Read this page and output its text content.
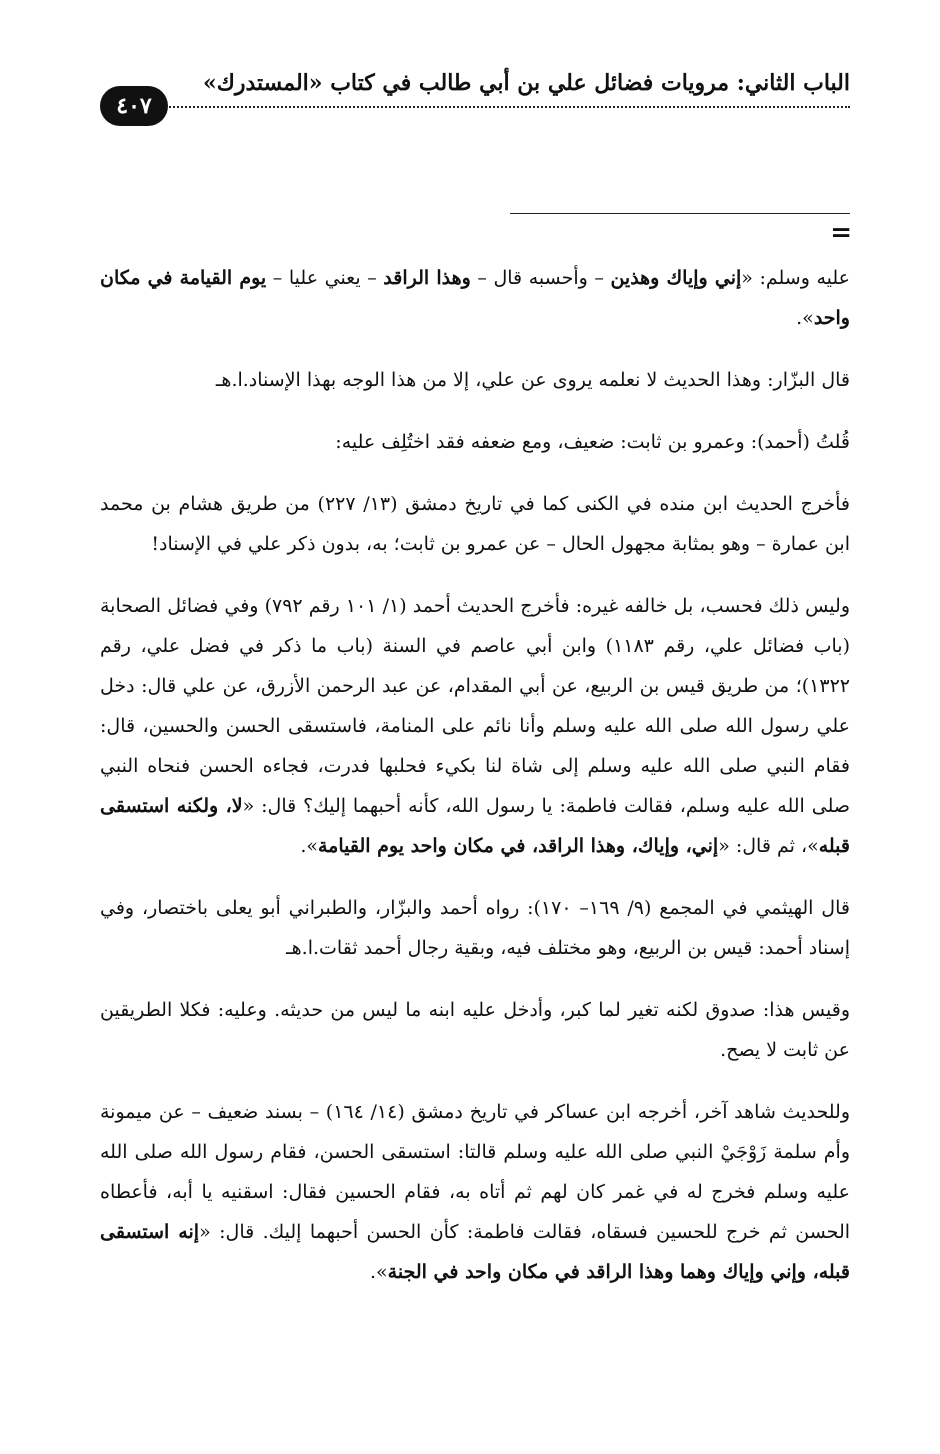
الباب الثاني: مرويات فضائل علي بن أبي طالب في كتاب «المستدرك»
٤٠٧
=

عليه وسلم: «إني وإياك وهذين – وأحسبه قال – وهذا الراقد – يعني عليا – يوم القيامة في مكان واحد».

قال البزّار: وهذا الحديث لا نعلمه يروى عن علي، إلا من هذا الوجه بهذا الإسناد.ا.هـ

قُلتُ (أحمد): وعمرو بن ثابت: ضعيف، ومع ضعفه فقد اختُلِف عليه:

فأخرج الحديث ابن منده في الكنى كما في تاريخ دمشق (١٣/ ٢٢٧) من طريق هشام بن محمد ابن عمارة – وهو بمثابة مجهول الحال – عن عمرو بن ثابت؛ به، بدون ذكر علي في الإسناد!

وليس ذلك فحسب، بل خالفه غيره: فأخرج الحديث أحمد (١/ ١٠١ رقم ٧٩٢) وفي فضائل الصحابة (باب فضائل علي، رقم ١١٨٣) وابن أبي عاصم في السنة (باب ما ذكر في فضل علي، رقم ١٣٢٢)؛ من طريق قيس بن الربيع، عن أبي المقدام، عن عبد الرحمن الأزرق، عن علي قال: دخل علي رسول الله صلى الله عليه وسلم وأنا نائم على المنامة، فاستسقى الحسن والحسين، قال: فقام النبي صلى الله عليه وسلم إلى شاة لنا بكيء فحلبها فدرت، فجاءه الحسن فنحاه النبي صلى الله عليه وسلم، فقالت فاطمة: يا رسول الله، كأنه أحبهما إليك؟ قال: «لا، ولكنه استسقى قبله»، ثم قال: «إني، وإياك، وهذا الراقد، في مكان واحد يوم القيامة».

قال الهيثمي في المجمع (٩/ ١٦٩– ١٧٠): رواه أحمد والبزّار، والطبراني أبو يعلى باختصار، وفي إسناد أحمد: قيس بن الربيع، وهو مختلف فيه، وبقية رجال أحمد ثقات.ا.هـ

وقيس هذا: صدوق لكنه تغير لما كبر، وأدخل عليه ابنه ما ليس من حديثه. وعليه: فكلا الطريقين عن ثابت لا يصح.

وللحديث شاهد آخر، أخرجه ابن عساكر في تاريخ دمشق (١٤/ ١٦٤) – بسند ضعيف – عن ميمونة وأم سلمة زَوْجَيْ النبي صلى الله عليه وسلم قالتا: استسقى الحسن، فقام رسول الله صلى الله عليه وسلم فخرج له في غمر كان لهم ثم أتاه به، فقام الحسين فقال: اسقنيه يا أبه، فأعطاه الحسن ثم خرج للحسين فسقاه، فقالت فاطمة: كأن الحسن أحبهما إليك. قال: «إنه استسقى قبله، وإني وإياك وهما وهذا الراقد في مكان واحد في الجنة».
